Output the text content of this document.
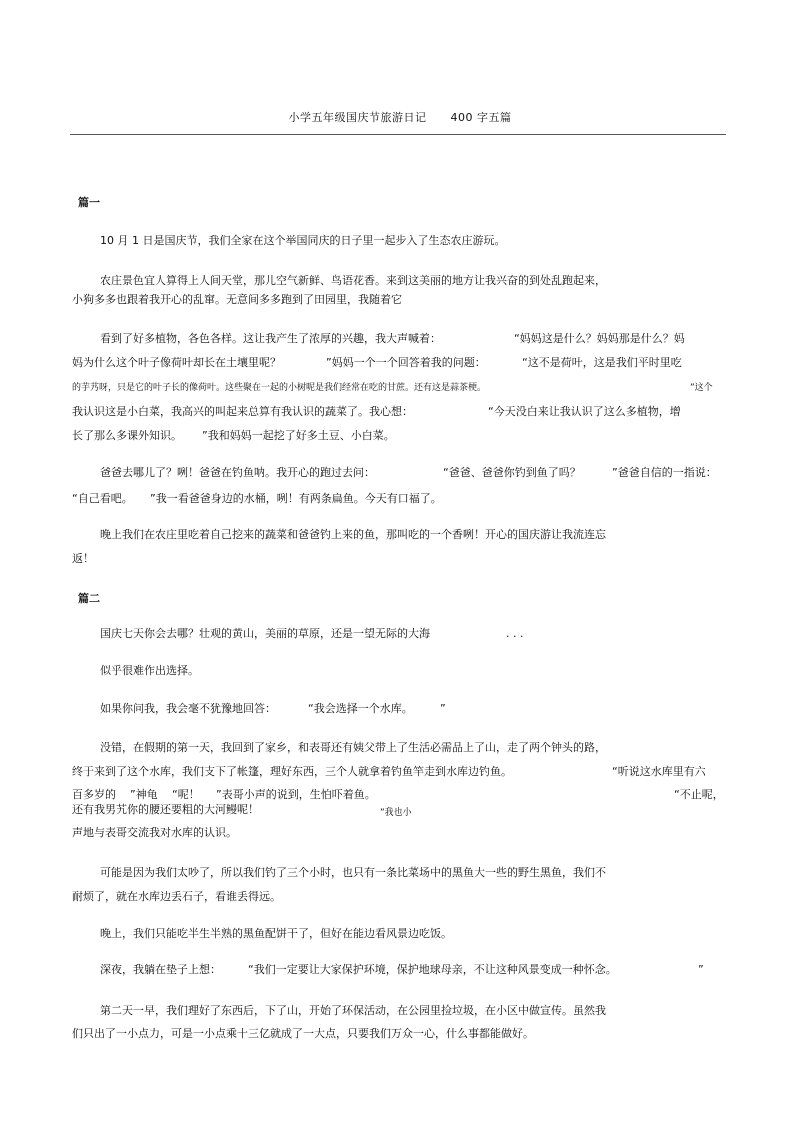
小学五年级国庆节旅游日记 400 字五篇
篇一
10 月 1 日是国庆节，我们全家在这个举国同庆的日子里一起步入了生态农庄游玩。
农庄景色宜人算得上人间天堂，那儿空气新鲜、鸟语花香。来到这美丽的地方让我兴奋的到处乱跑起来，
小狗多多也跟着我开心的乱窜。无意间多多跑到了田园里，我随着它
看到了好多植物，各色各样。这让我产生了浓厚的兴趣，我大声喊着：	“妈妈这是什么？妈妈那是什么？妈
妈为什么这个叶子像荷叶却长在土壤里呢？	”妈妈一个一个回答着我的问题：	“这不是荷叶，这是我们平时里吃
的芋艿呀，只是它的叶子长的像荷叶。这些聚在一起的小树呢是我们经常在吃的甘蔗。还有这是蒜茶梗。	”这个
我认识这是小白菜，我高兴的叫起来总算有我认识的蔬菜了。我心想：	“今天没白来让我认识了这么多植物，增
长了那么多课外知识。 ”我和妈妈一起挖了好多土豆、小白菜。
爸爸去哪儿了？咧！爸爸在钓鱼呐。我开心的跑过去问：	“爸爸、爸爸你钓到鱼了吗？	”爸爸自信的一指说：
“自己看吧。 ”我一看爸爸身边的水桶，咧！有两条扁鱼。今天有口福了。
晚上我们在农庄里吃着自己挖来的蔬菜和爸爸钓上来的鱼，那叫吃的一个香咧！开心的国庆游让我流连忘
返！
篇二
国庆七天你会去哪？壮观的黄山，美丽的草原，还是一望无际的大海	. . .
似乎很难作出选择。
如果你问我，我会毫不犹豫地回答：	“我会选择一个水库。 ”
没错，在假期的第一天，我回到了家乡，和表哥还有姨父带上了生活必需品上了山，走了两个钟头的路，
终于来到了这个水库，我们支下了帐篷，理好东西，三个人就拿着钓鱼竿走到水库边钓鱼。	“听说这水库里有六
百多岁的 ”神龟 “呢！ ”表哥小声的说到，生怕吓着鱼。	“不止呢，
还有我男艽你的腰还要粗的大河鳗呢！	”我也小
声地与表哥交流我对水库的认识。
可能是因为我们太吵了，所以我们钓了三个小时，也只有一条比菜场中的黑鱼大一些的野生黑鱼，我们不
耐烦了，就在水库边丢石子，看谁丢得远。
晚上，我们只能吃半生半熟的黑鱼配饼干了，但好在能边看风景边吃饭。
深夜，我躺在垫子上想： “我们一定要让大家保护环境，保护地球母亲，不让这种风景变成一种怀念。	”
第二天一早，我们理好了东西后，下了山，开始了环保活动，在公园里捡垃圾，在小区中做宣传。虽然我
们只出了一小点力，可是一小点乘十三亿就成了一大点，只要我们万众一心，什么事都能做好。
